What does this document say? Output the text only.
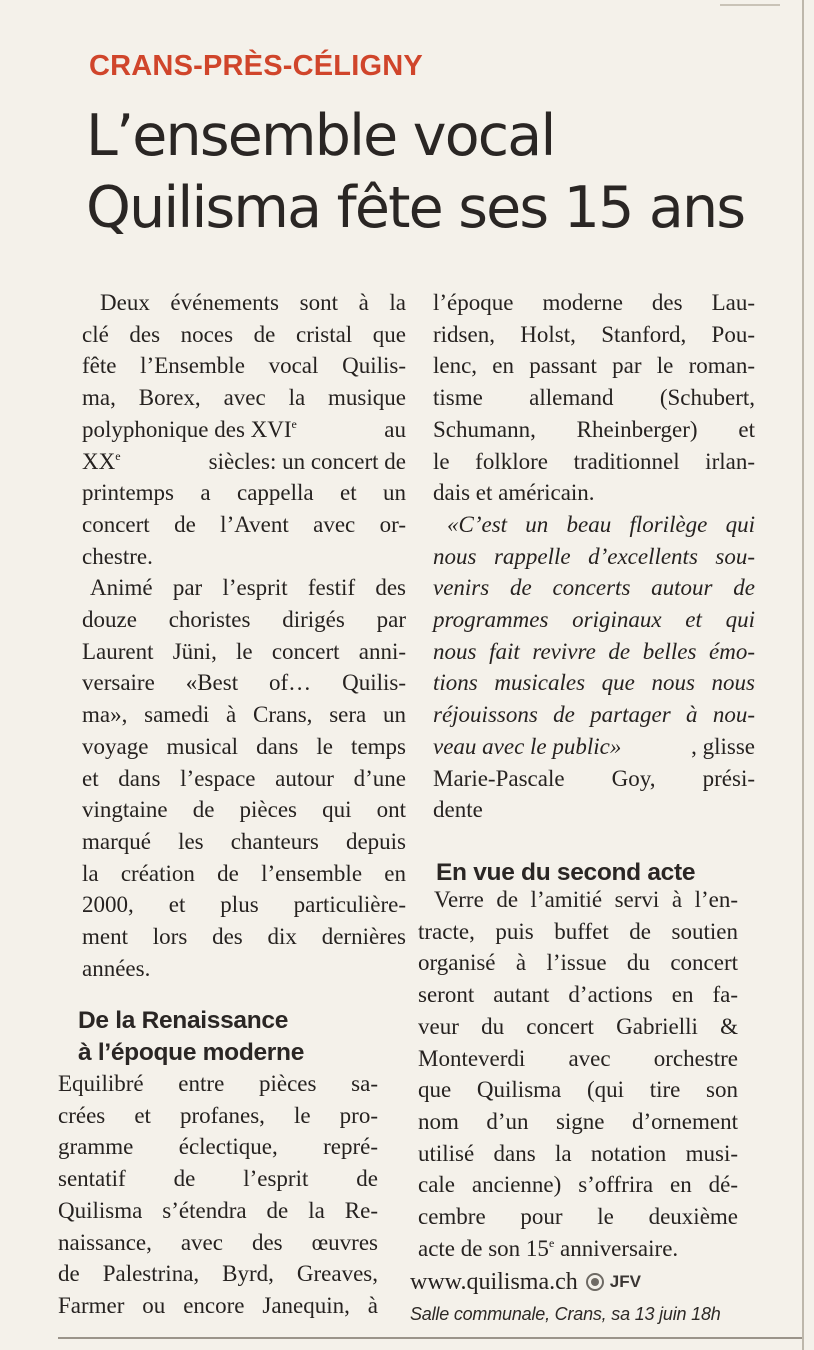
CRANS-PRÈS-CÉLIGNY
L’ensemble vocal
Quilisma fête ses 15 ans
Deux événements sont à la
clé des noces de cristal que
fête l’Ensemble vocal Quilis-
ma, Borex, avec la musique
polyphonique des XVIe	au
XXe	siècles: un concert de
printemps a cappella et un
concert de l’Avent avec or-
chestre.
Animé par l’esprit festif des
douze choristes dirigés par
Laurent Jüni, le concert anni-
versaire «Best of… Quilis-
ma», samedi à Crans, sera un
voyage musical dans le temps
et dans l’espace autour d’une
vingtaine de pièces qui ont
marqué les chanteurs depuis
la création de l’ensemble en
2000, et plus particulière-
ment lors des dix dernières
années.
De la Renaissance
à l’époque moderne
Equilibré entre pièces sa-
crées et profanes, le pro-
gramme éclectique, repré-
sentatif de l’esprit de
Quilisma s’étendra de la Re-
naissance, avec des œuvres
de Palestrina, Byrd, Greaves,
Farmer ou encore Janequin, à
l’époque moderne des Lau-
ridsen, Holst, Stanford, Pou-
lenc, en passant par le roman-
tisme allemand (Schubert,
Schumann, Rheinberger) et
le folklore traditionnel irlan-
dais et américain.
«C’est un beau florilège qui
nous rappelle d’excellents sou-
venirs de concerts autour de
programmes originaux et qui
nous fait revivre de belles émo-
tions musicales que nous nous
réjouissons de partager à nou-
veau avec le public»	, glisse
Marie-Pascale Goy, prési-
dente
En vue du second acte
Verre de l’amitié servi à l’en-
tracte, puis buffet de soutien
organisé à l’issue du concert
seront autant d’actions en fa-
veur du concert Gabrielli &
Monteverdi avec orchestre
que Quilisma (qui tire son
nom d’un signe d’ornement
utilisé dans la notation musi-
cale ancienne) s’offrira en dé-
cembre pour le deuxième
acte de son 15e anniversaire.
www.quilisma.ch JFV
Salle communale, Crans, sa 13 juin 18h
